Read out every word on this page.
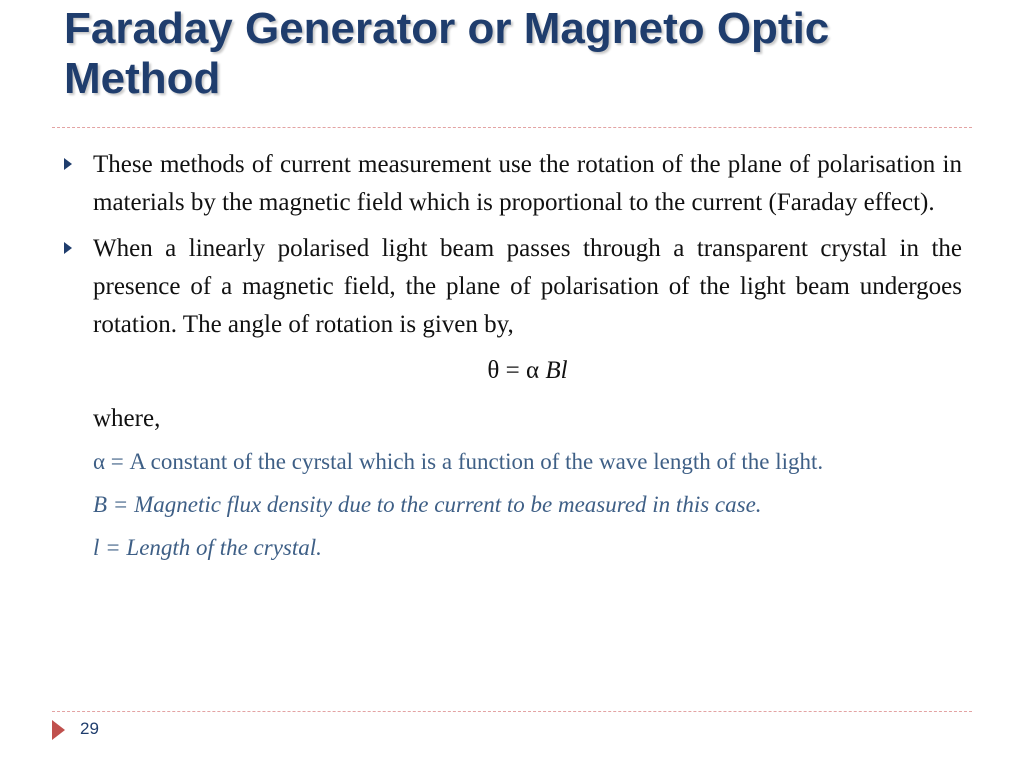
Faraday Generator or Magneto Optic Method
These methods of current measurement use the rotation of the plane of polarisation in materials by the magnetic field which is proportional to the current (Faraday effect).
When a linearly polarised light beam passes through a transparent crystal in the presence of a magnetic field, the plane of polarisation of the light beam undergoes rotation. The angle of rotation is given by,
θ = α Bl
where,
α = A constant of the cyrstal which is a function of the wave length of the light.
B = Magnetic flux density due to the current to be measured in this case.
l = Length of the crystal.
29
